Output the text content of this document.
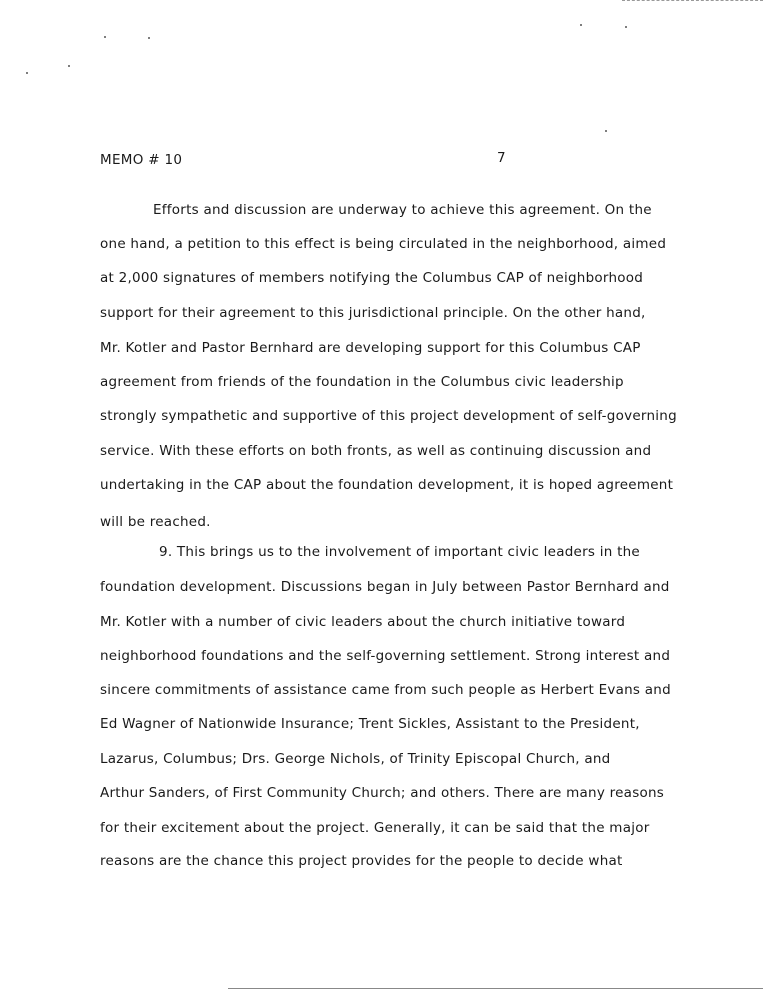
MEMO # 10	7
Efforts and discussion are underway to achieve this agreement. On the
one hand, a petition to this effect is being circulated in the neighborhood, aimed
at 2,000 signatures of members notifying the Columbus CAP of neighborhood
support for their agreement to this jurisdictional principle. On the other hand,
Mr. Kotler and Pastor Bernhard are developing support for this Columbus CAP
agreement from friends of the foundation in the Columbus civic leadership
strongly sympathetic and supportive of this project development of self-governing
service. With these efforts on both fronts, as well as continuing discussion and
undertaking in the CAP about the foundation development, it is hoped agreement
will be reached.
9. This brings us to the involvement of important civic leaders in the
foundation development. Discussions began in July between Pastor Bernhard and
Mr. Kotler with a number of civic leaders about the church initiative toward
neighborhood foundations and the self-governing settlement. Strong interest and
sincere commitments of assistance came from such people as Herbert Evans and
Ed Wagner of Nationwide Insurance; Trent Sickles, Assistant to the President,
Lazarus, Columbus; Drs. George Nichols, of Trinity Episcopal Church, and
Arthur Sanders, of First Community Church; and others. There are many reasons
for their excitement about the project. Generally, it can be said that the major
reasons are the chance this project provides for the people to decide what
